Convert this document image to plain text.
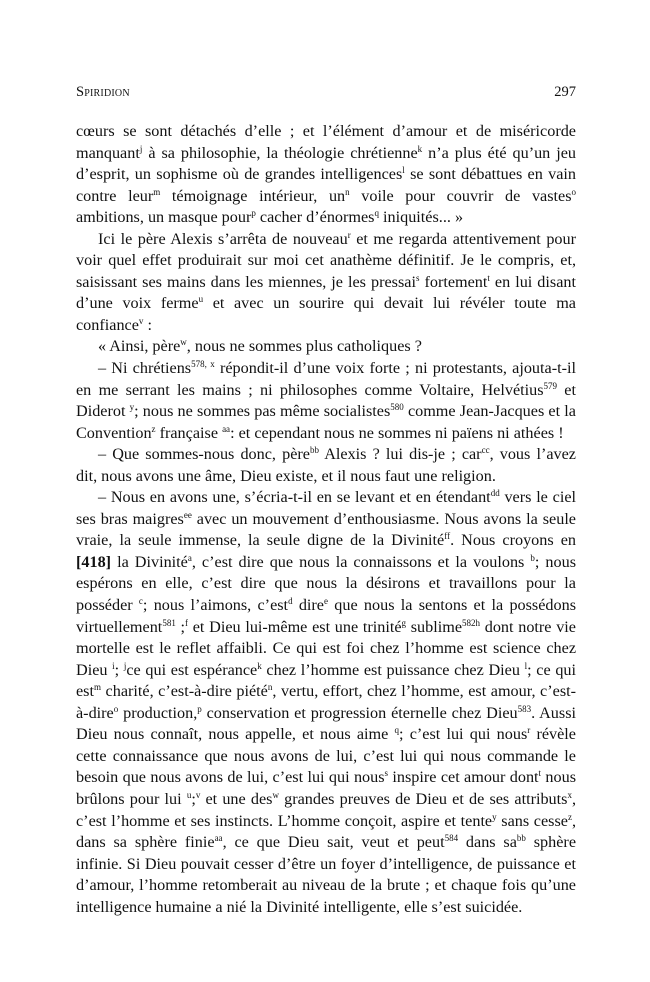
Spiridion	297

cœurs se sont détachés d’elle ; et l’élément d’amour et de miséricorde manquant$^j$ à sa philosophie, la théologie chrétienne$^k$ n’a plus été qu’un jeu d’esprit, un sophisme où de grandes intelligences$^l$ se sont débattues en vain contre leur$^m$ témoignage intérieur, $un^n$ voile pour couvrir de vastes$^o$ ambitions, un masque pour$^p$ cacher d’énormes$^q$ iniquités... »

Ici le père Alexis s’arrêta de nouveau$^r$ et me regarda attentivement pour voir quel effet produirait sur moi cet anathème définitif. Je le compris, et, saisissant ses mains dans les miennes, je les pressai$^s$ fortement$^t$ en lui disant d’une voix ferme$^u$ et avec un sourire qui devait lui révéler toute ma confiance$^v$ :

« Ainsi, père$^w$, nous ne sommes plus catholiques ?

– Ni chrétiens$^{578, x}$ répondit-il d’une voix forte ; ni protestants, ajouta-t-il en me serrant les mains ; ni philosophes comme Voltaire, Helvétius$^{579}$ et Diderot $^y$; nous ne sommes pas même socialistes$^{580}$ comme Jean-Jacques et la Convention$^z$ française $^{aa}$: et cependant nous ne sommes ni païens ni athées !

– Que sommes-nous donc, père$^{bb}$ Alexis ? lui dis-je ; car$^{cc}$, vous l’avez dit, nous avons une âme, Dieu existe, et il nous faut une religion.

– Nous en avons une, s’écria-t-il en se levant et en étendant$^{dd}$ vers le ciel ses bras maigres$^{ee}$ avec un mouvement d’enthousiasme. Nous avons la seule vraie, la seule immense, la seule digne de la Divinité$^{ff}$. Nous croyons en [418] la Divinité$^a$, c’est dire que nous la connaissons et la voulons $^b$; nous espérons en elle, c’est dire que nous la désirons et travaillons pour la posséder $^c$; nous l’aimons, c’est$^d$ dire$^e$ que nous la sentons et la possédons virtuellement$^{581}$ ;$^f$ et Dieu lui-même est une trinité$^g$ sublime$^{582h}$ dont notre vie mortelle est le reflet affaibli. Ce qui est foi chez l’homme est science chez Dieu $^i$; $^j$ce qui est espérance$^k$ chez l’homme est puissance chez Dieu $^l$; ce qui est$^m$ charité, c’est-à-dire piété$^n$, vertu, effort, chez l’homme, est amour, c’est-à-dire$^o$ production,$^p$ conservation et progression éternelle chez Dieu$^{583}$. Aussi Dieu nous connaît, nous appelle, et nous aime $^q$; c’est lui qui nous$^r$ révèle cette connaissance que nous avons de lui, c’est lui qui nous commande le besoin que nous avons de lui, c’est lui qui nous$^s$ inspire cet amour dont$^t$ nous brûlons pour lui $^u$;$^v$ et une des$^w$ grandes preuves de Dieu et de ses attributs$^x$, c’est l’homme et ses instincts. L’homme conçoit, aspire et tente$^y$ sans cesse$^z$, dans sa sphère finie$^{aa}$, ce que Dieu sait, veut et peut$^{584}$ dans $sa^{bb}$ sphère infinie. Si Dieu pouvait cesser d’être un foyer d’intelligence, de puissance et d’amour, l’homme retomberait au niveau de la brute ; et chaque fois qu’une intelligence humaine a nié la Divinité intelligente, elle s’est suicidée.
